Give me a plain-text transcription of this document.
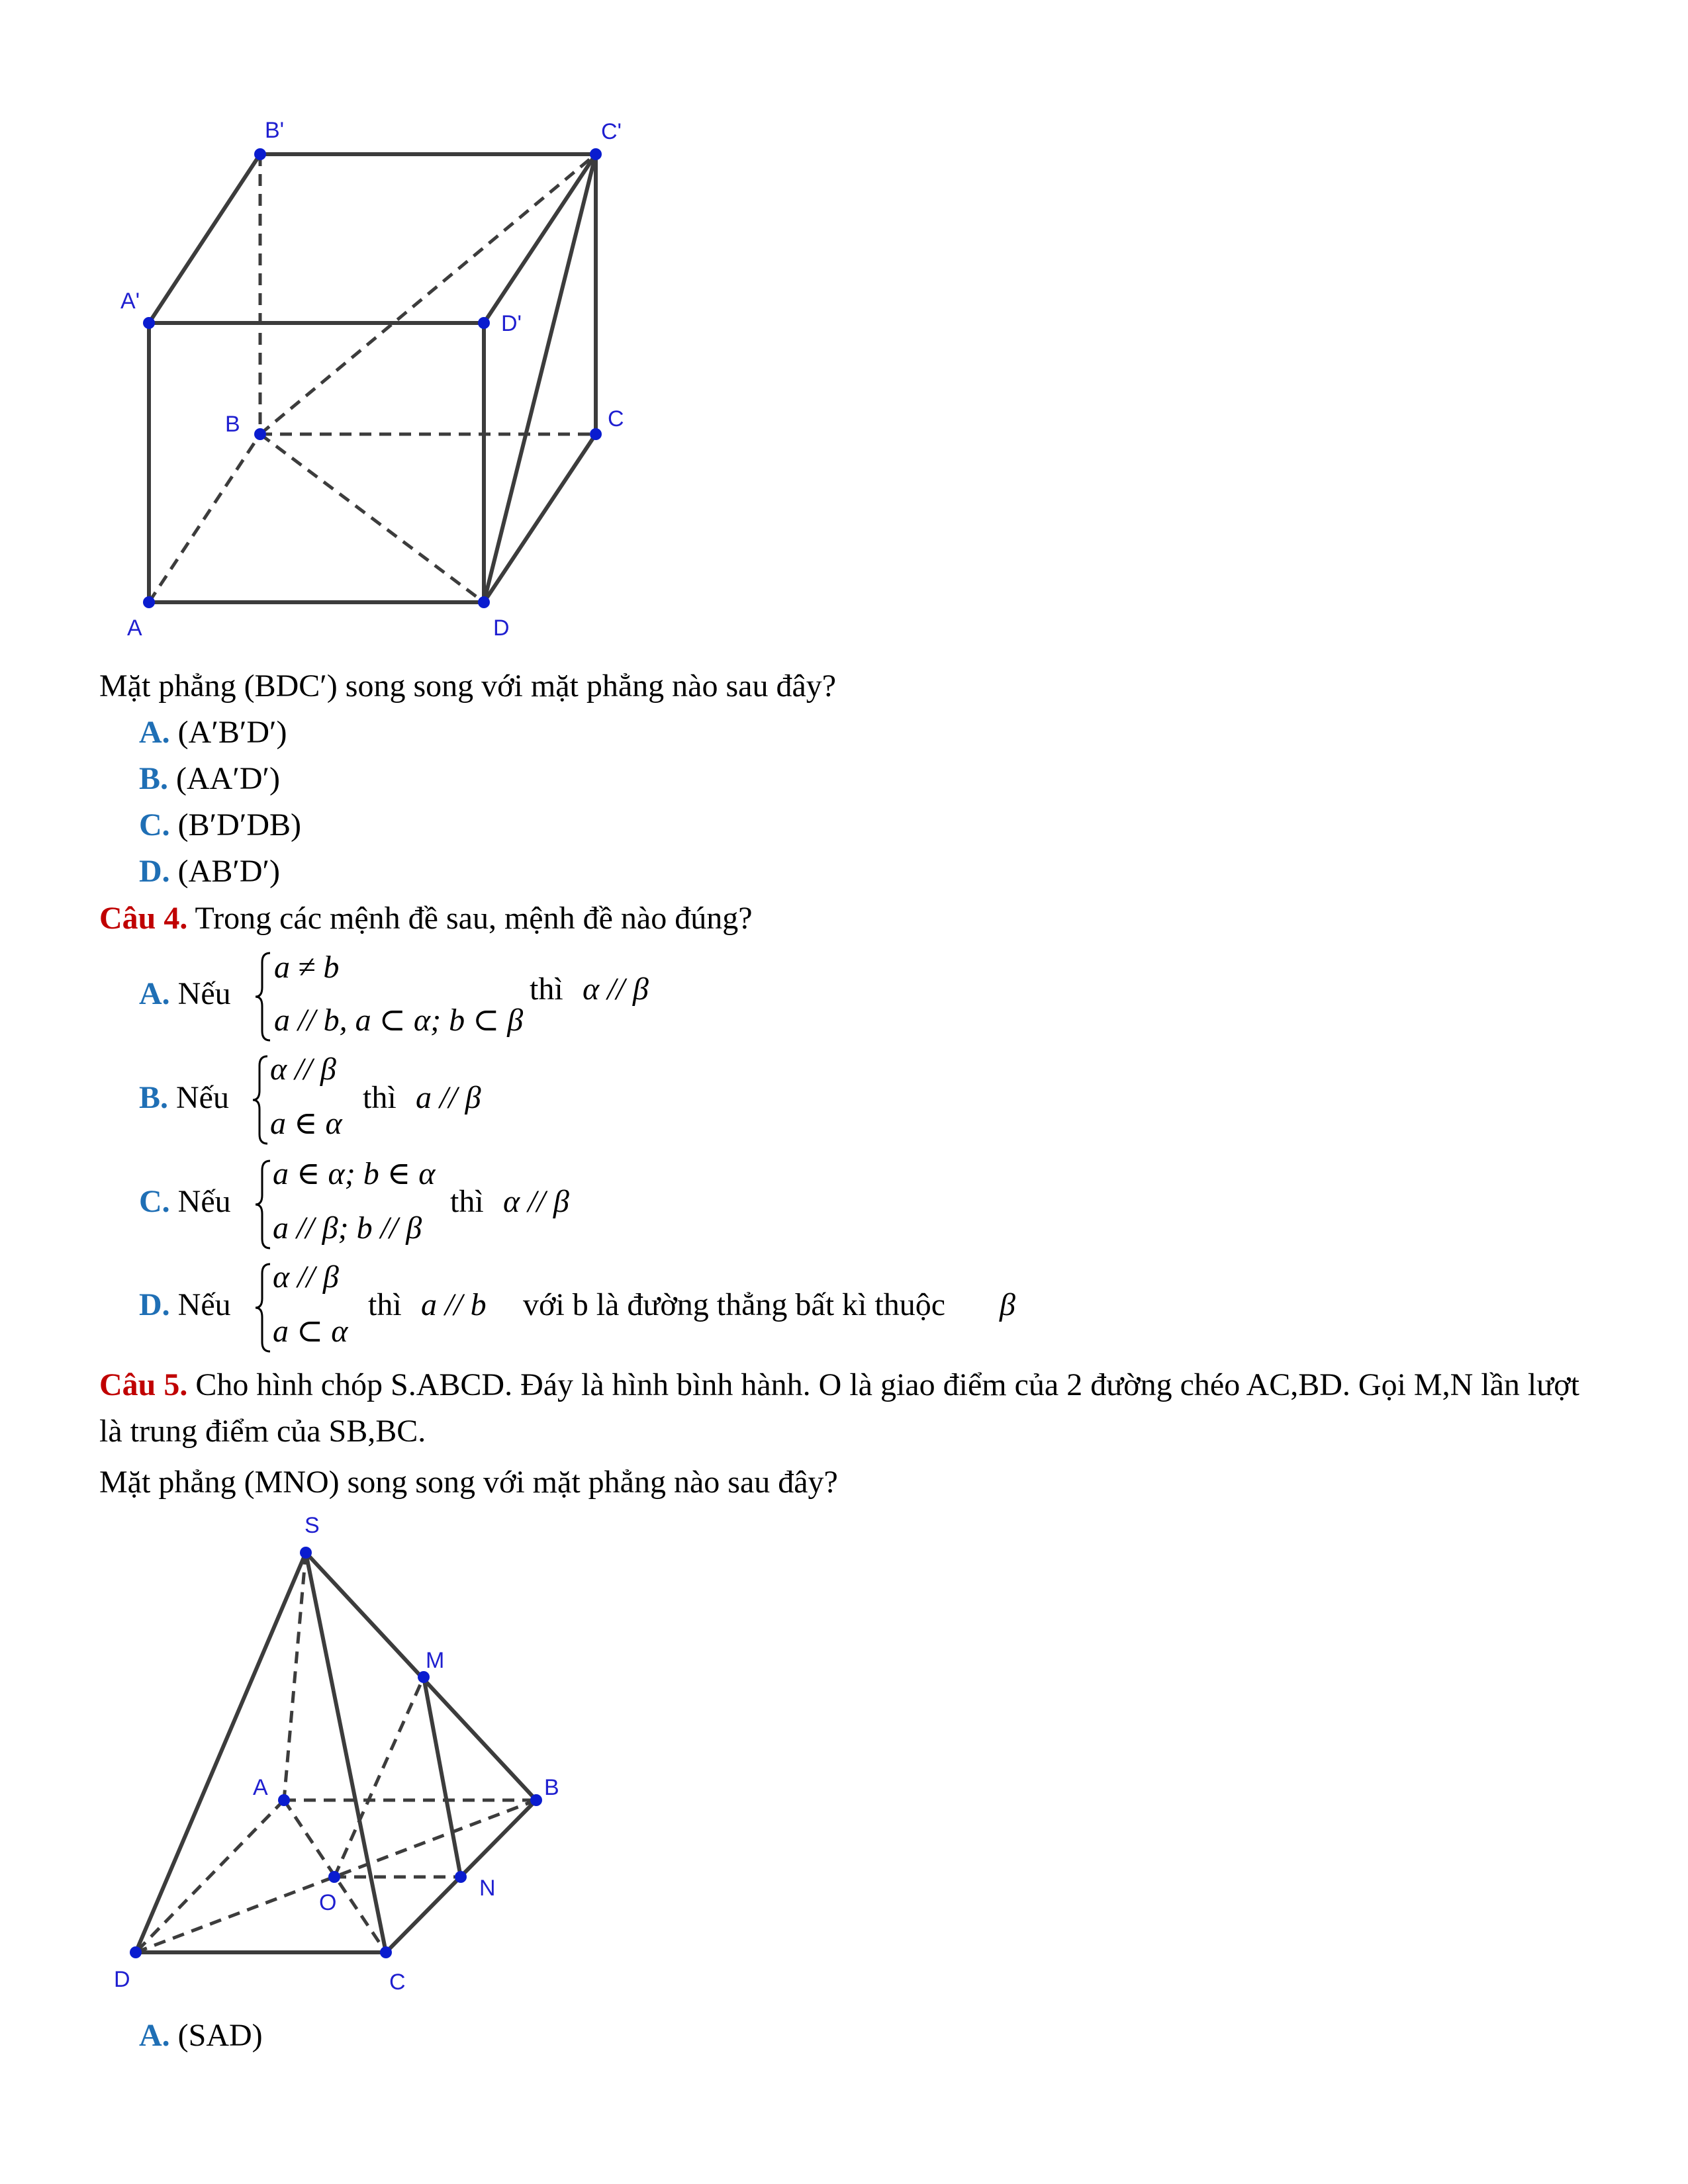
B'	C'
A'
D'
B	C
A	D
Mặt phẳng (BDC′) song song với mặt phẳng nào sau đây?
A. (A′B′D′)
B. (AA′D′)
C. (B′D′DB)
D. (AB′D′)
Câu 4. Trong các mệnh đề sau, mệnh đề nào đúng?
A. Nếu
a ≠ b
a // b, a ⊂ α; b ⊂ β
thì α // β
B. Nếu
α // β
a ∈ α
thì a // β
C. Nếu
a ∈ α; b ∈ α
a // β; b // β
thì α // β
D. Nếu
α // β
a ⊂ α
thì a // b với b là đường thẳng bất kì thuộc β
Câu 5. Cho hình chóp S.ABCD. Đáy là hình bình hành. O là giao điểm của 2 đường chéo AC,BD. Gọi M,N lần lượt là trung điểm của SB,BC.
Mặt phẳng (MNO) song song với mặt phẳng nào sau đây?
S
M
A	B
N
O
D	C
A. (SAD)
